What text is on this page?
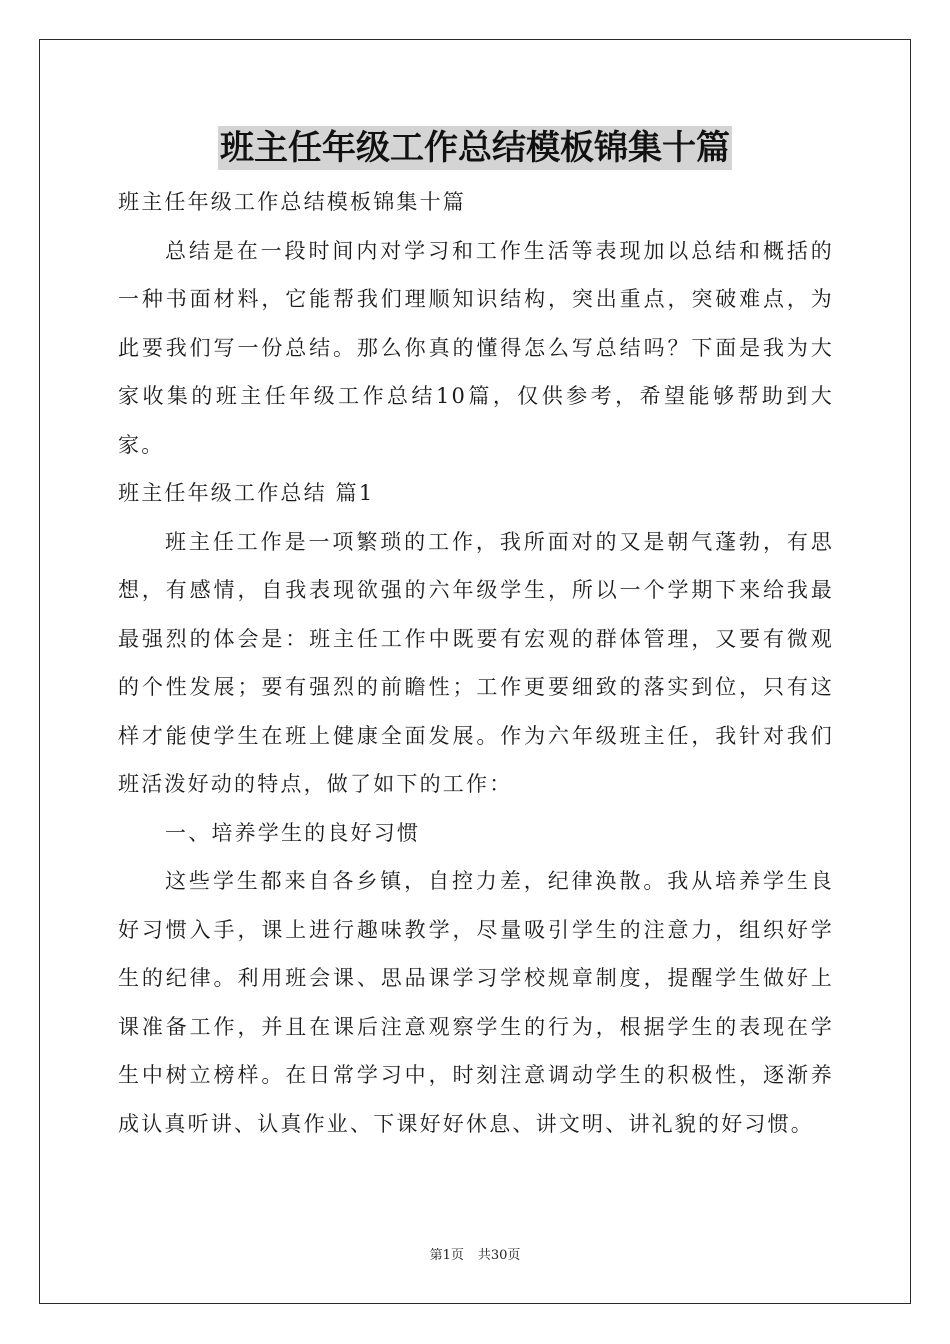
班主任年级工作总结模板锦集十篇

班主任年级工作总结模板锦集十篇

总结是在一段时间内对学习和工作生活等表现加以总结和概括的一种书面材料，它能帮我们理顺知识结构，突出重点，突破难点，为此要我们写一份总结。那么你真的懂得怎么写总结吗？下面是我为大家收集的班主任年级工作总结10篇，仅供参考，希望能够帮助到大家。

班主任年级工作总结 篇1

班主任工作是一项繁琐的工作，我所面对的又是朝气蓬勃，有思想，有感情，自我表现欲强的六年级学生，所以一个学期下来给我最最强烈的体会是：班主任工作中既要有宏观的群体管理，又要有微观的个性发展；要有强烈的前瞻性；工作更要细致的落实到位，只有这样才能使学生在班上健康全面发展。作为六年级班主任，我针对我们班活泼好动的特点，做了如下的工作：

一、培养学生的良好习惯

这些学生都来自各乡镇，自控力差，纪律涣散。我从培养学生良好习惯入手，课上进行趣味教学，尽量吸引学生的注意力，组织好学生的纪律。利用班会课、思品课学习学校规章制度，提醒学生做好上课准备工作，并且在课后注意观察学生的行为，根据学生的表现在学生中树立榜样。在日常学习中，时刻注意调动学生的积极性，逐渐养成认真听讲、认真作业、下课好好休息、讲文明、讲礼貌的好习惯。

第1页 共30页
